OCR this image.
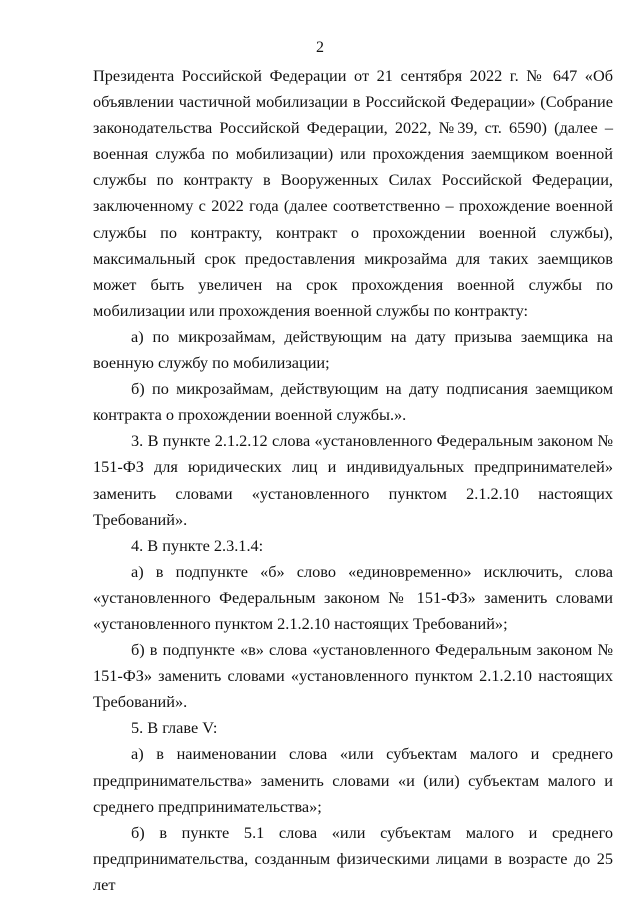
2

Президента Российской Федерации от 21 сентября 2022 г. № 647 «Об объявлении частичной мобилизации в Российской Федерации» (Собрание законодательства Российской Федерации, 2022, №39, ст. 6590) (далее – военная служба по мобилизации) или прохождения заемщиком военной службы по контракту в Вооруженных Силах Российской Федерации, заключенному с 2022 года (далее соответственно – прохождение военной службы по контракту, контракт о прохождении военной службы), максимальный срок предоставления микрозайма для таких заемщиков может быть увеличен на срок прохождения военной службы по мобилизации или прохождения военной службы по контракту:

а) по микрозаймам, действующим на дату призыва заемщика на военную службу по мобилизации;

б) по микрозаймам, действующим на дату подписания заемщиком контракта о прохождении военной службы.».

3. В пункте 2.1.2.12 слова «установленного Федеральным законом № 151-ФЗ для юридических лиц и индивидуальных предпринимателей» заменить словами «установленного пунктом 2.1.2.10 настоящих Требований».

4. В пункте 2.3.1.4:

а) в подпункте «б» слово «единовременно» исключить, слова «установленного Федеральным законом № 151-ФЗ» заменить словами «установленного пунктом 2.1.2.10 настоящих Требований»;

б) в подпункте «в» слова «установленного Федеральным законом № 151-ФЗ» заменить словами «установленного пунктом 2.1.2.10 настоящих Требований».

5. В главе V:

а) в наименовании слова «или субъектам малого и среднего предпринимательства» заменить словами «и (или) субъектам малого и среднего предпринимательства»;

б) в пункте 5.1 слова «или субъектам малого и среднего предпринимательства, созданным физическими лицами в возрасте до 25 лет
